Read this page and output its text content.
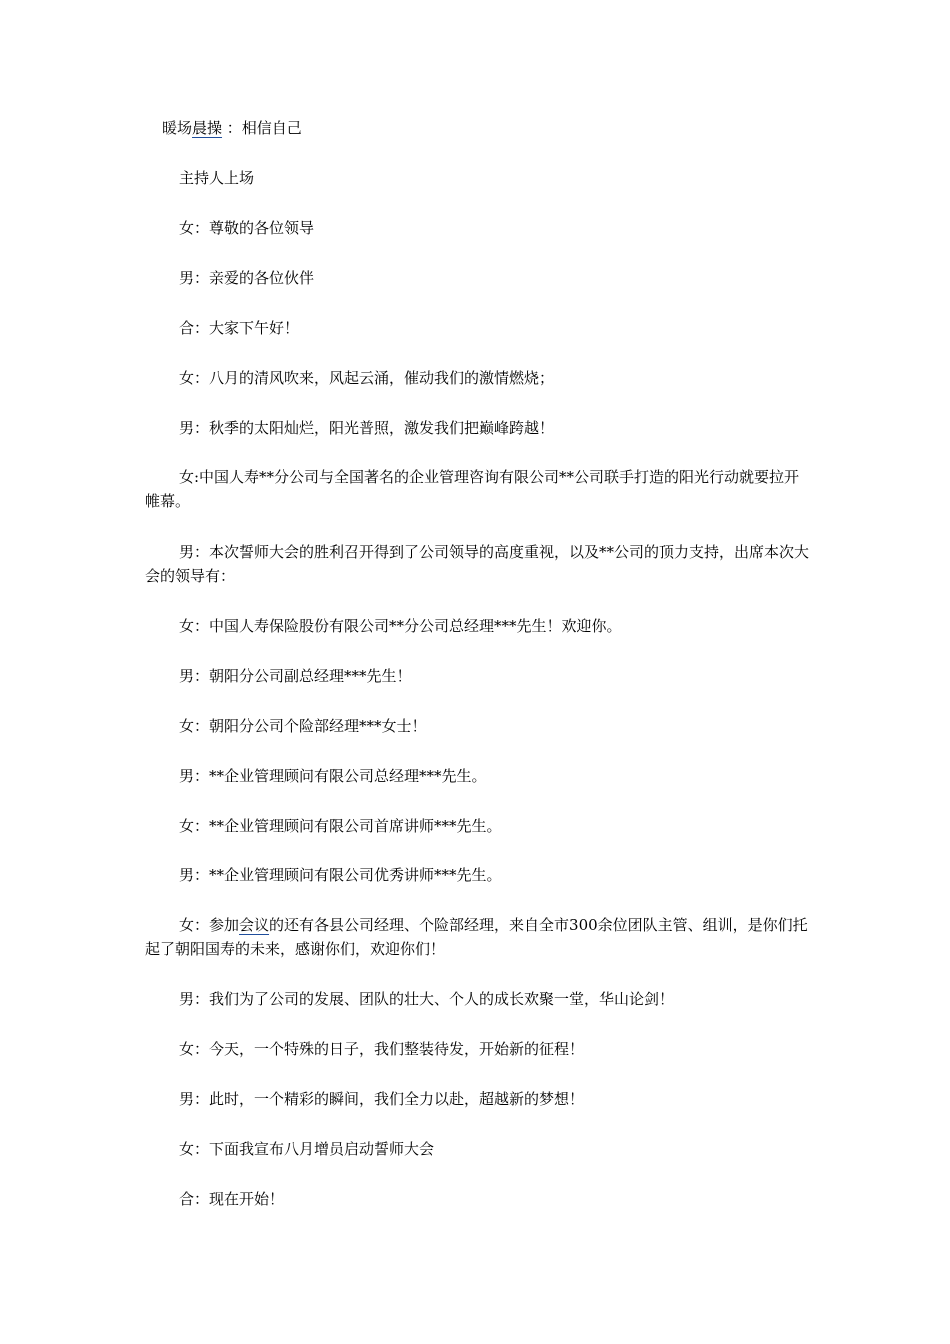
暖场晨操 ：相信自己

主持人上场

女：尊敬的各位领导

男：亲爱的各位伙伴

合：大家下午好！

女：八月的清风吹来，风起云涌，催动我们的激情燃烧；

男：秋季的太阳灿烂，阳光普照，激发我们把巅峰跨越！

女:中国人寿**分公司与全国著名的企业管理咨询有限公司**公司联手打造的阳光行动就要拉开帷幕。

男：本次誓师大会的胜利召开得到了公司领导的高度重视，以及**公司的顶力支持，出席本次大会的领导有：

女：中国人寿保险股份有限公司**分公司总经理***先生！欢迎你。

男：朝阳分公司副总经理***先生！

女：朝阳分公司个险部经理***女士！

男：**企业管理顾问有限公司总经理***先生。

女：**企业管理顾问有限公司首席讲师***先生。

男：**企业管理顾问有限公司优秀讲师***先生。

女：参加会议的还有各县公司经理、个险部经理，来自全市300余位团队主管、组训，是你们托起了朝阳国寿的未来，感谢你们，欢迎你们！

男：我们为了公司的发展、团队的壮大、个人的成长欢聚一堂，华山论剑！

女：今天，一个特殊的日子，我们整装待发，开始新的征程！

男：此时，一个精彩的瞬间，我们全力以赴，超越新的梦想！

女：下面我宣布八月增员启动誓师大会

合：现在开始！
